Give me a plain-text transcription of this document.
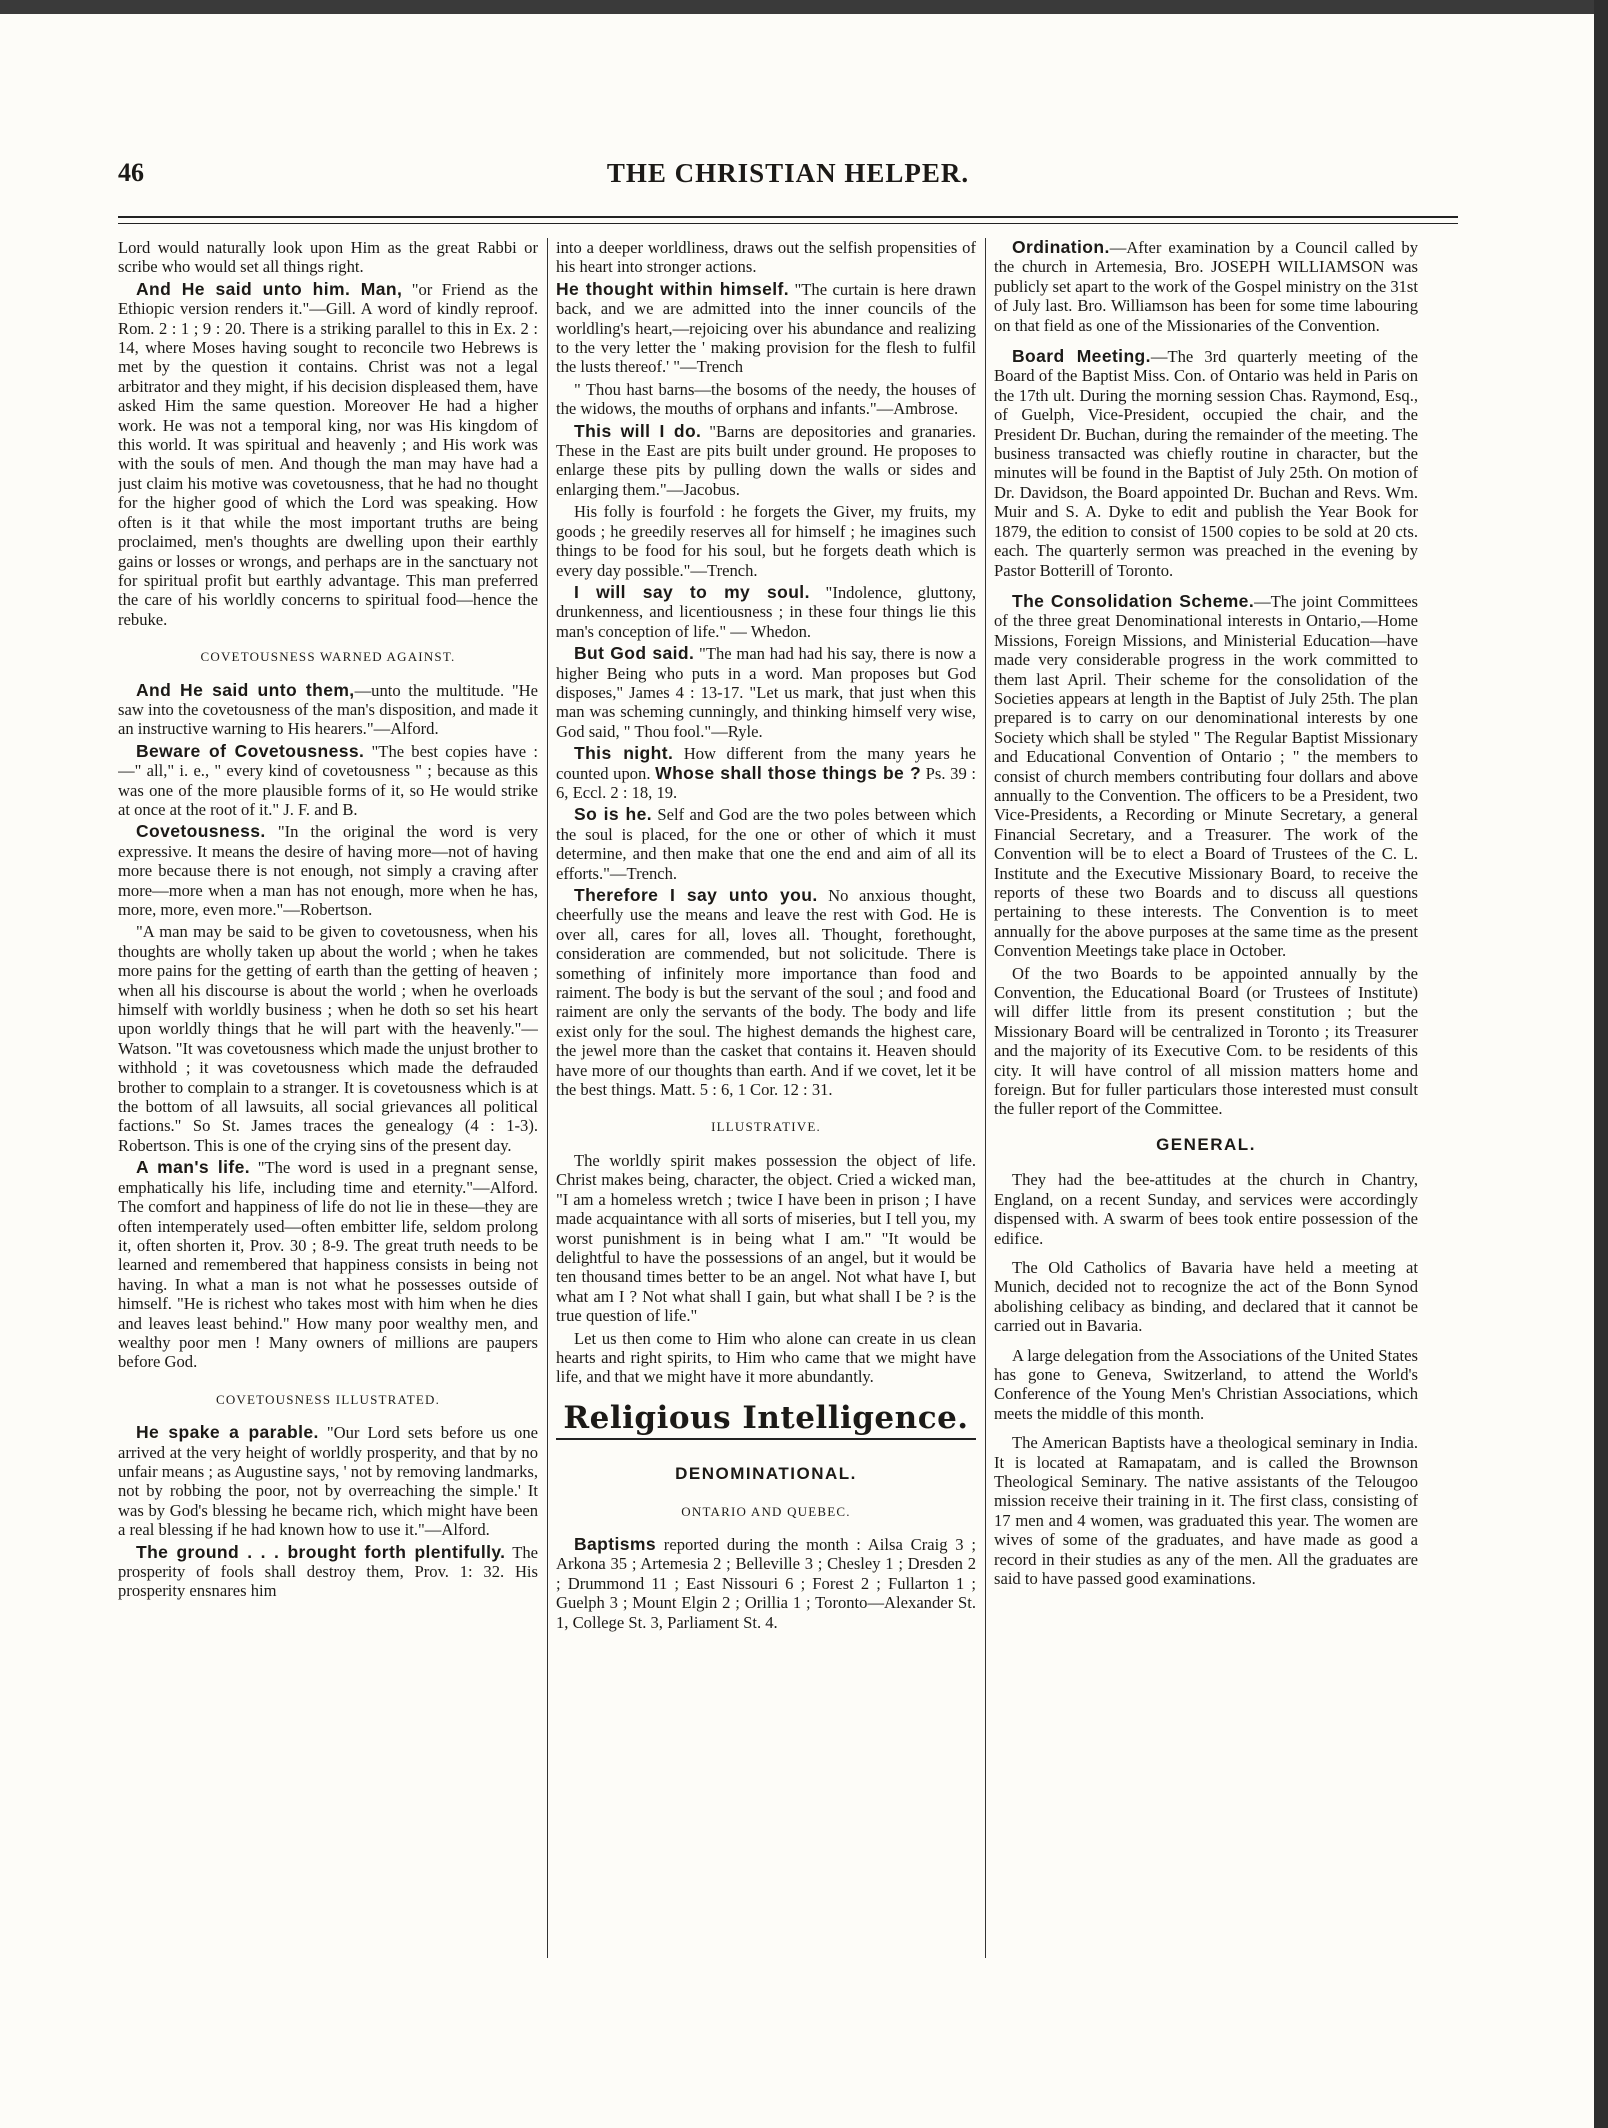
46	THE CHRISTIAN HELPER.

Lord would naturally look upon Him as the great Rabbi or scribe who would set all things right.

And He said unto him. Man, "or Friend as the Ethiopic version renders it."—Gill. A word of kindly reproof. Rom. 2 : 1 ; 9 : 20. There is a striking parallel to this in Ex. 2 : 14, where Moses having sought to reconcile two Hebrews is met by the question it contains. Christ was not a legal arbitrator and they might, if his decision displeased them, have asked Him the same question. Moreover He had a higher work. He was not a temporal king, nor was His kingdom of this world. It was spiritual and heavenly ; and His work was with the souls of men. And though the man may have had a just claim his motive was covetousness, that he had no thought for the higher good of which the Lord was speaking. How often is it that while the most important truths are being proclaimed, men's thoughts are dwelling upon their earthly gains or losses or wrongs, and perhaps are in the sanctuary not for spiritual profit but earthly advantage. This man preferred the care of his worldly concerns to spiritual food—hence the rebuke.

COVETOUSNESS WARNED AGAINST.

And He said unto them,—unto the multitude. "He saw into the covetousness of the man's disposition, and made it an instructive warning to His hearers."—Alford.

Beware of Covetousness. "The best copies have :—" all," i. e., " every kind of covetousness " ; because as this was one of the more plausible forms of it, so He would strike at once at the root of it." J. F. and B.

Covetousness. "In the original the word is very expressive. It means the desire of having more—not of having more because there is not enough, not simply a craving after more—more when a man has not enough, more when he has, more, more, even more."—Robertson.

"A man may be said to be given to covetousness, when his thoughts are wholly taken up about the world ; when he takes more pains for the getting of earth than the getting of heaven ; when all his discourse is about the world ; when he overloads himself with worldly business ; when he doth so set his heart upon worldly things that he will part with the heavenly."—Watson. "It was covetousness which made the unjust brother to withhold ; it was covetousness which made the defrauded brother to complain to a stranger. It is covetousness which is at the bottom of all lawsuits, all social grievances all political factions." So St. James traces the genealogy (4 : 1-3). Robertson. This is one of the crying sins of the present day.

A man's life. "The word is used in a pregnant sense, emphatically his life, including time and eternity."—Alford. The comfort and happiness of life do not lie in these—they are often intemperately used—often embitter life, seldom prolong it, often shorten it, Prov. 30 ; 8-9. The great truth needs to be learned and remembered that happiness consists in being not having. In what a man is not what he possesses outside of himself. "He is richest who takes most with him when he dies and leaves least behind." How many poor wealthy men, and wealthy poor men ! Many owners of millions are paupers before God.

COVETOUSNESS ILLUSTRATED.

He spake a parable. "Our Lord sets before us one arrived at the very height of worldly prosperity, and that by no unfair means ; as Augustine says, ' not by removing landmarks, not by robbing the poor, not by overreaching the simple.' It was by God's blessing he became rich, which might have been a real blessing if he had known how to use it."—Alford.

The ground . . . brought forth plentifully. The prosperity of fools shall destroy them, Prov. 1: 32. His prosperity ensnares him

into a deeper worldliness, draws out the selfish propensities of his heart into stronger actions.

He thought within himself. "The curtain is here drawn back, and we are admitted into the inner councils of the worldling's heart,—rejoicing over his abundance and realizing to the very letter the ' making provision for the flesh to fulfil the lusts thereof.' "—Trench

" Thou hast barns—the bosoms of the needy, the houses of the widows, the mouths of orphans and infants."—Ambrose.

This will I do. "Barns are depositories and granaries. These in the East are pits built under ground. He proposes to enlarge these pits by pulling down the walls or sides and enlarging them."—Jacobus.

His folly is fourfold : he forgets the Giver, my fruits, my goods ; he greedily reserves all for himself ; he imagines such things to be food for his soul, but he forgets death which is every day possible."—Trench.

I will say to my soul. "Indolence, gluttony, drunkenness, and licentiousness ; in these four things lie this man's conception of life." — Whedon.

But God said. "The man had had his say, there is now a higher Being who puts in a word. Man proposes but God disposes," James 4 : 13-17. "Let us mark, that just when this man was scheming cunningly, and thinking himself very wise, God said, " Thou fool."—Ryle.

This night. How different from the many years he counted upon. Whose shall those things be ? Ps. 39 : 6, Eccl. 2 : 18, 19.

So is he. Self and God are the two poles between which the soul is placed, for the one or other of which it must determine, and then make that one the end and aim of all its efforts."—Trench.

Therefore I say unto you. No anxious thought, cheerfully use the means and leave the rest with God. He is over all, cares for all, loves all. Thought, forethought, consideration are commended, but not solicitude. There is something of infinitely more importance than food and raiment. The body is but the servant of the soul ; and food and raiment are only the servants of the body. The body and life exist only for the soul. The highest demands the highest care, the jewel more than the casket that contains it. Heaven should have more of our thoughts than earth. And if we covet, let it be the best things. Matt. 5 : 6, 1 Cor. 12 : 31.

ILLUSTRATIVE.

The worldly spirit makes possession the object of life. Christ makes being, character, the object. Cried a wicked man, "I am a homeless wretch ; twice I have been in prison ; I have made acquaintance with all sorts of miseries, but I tell you, my worst punishment is in being what I am." "It would be delightful to have the possessions of an angel, but it would be ten thousand times better to be an angel. Not what have I, but what am I ? Not what shall I gain, but what shall I be ? is the true question of life."

Let us then come to Him who alone can create in us clean hearts and right spirits, to Him who came that we might have life, and that we might have it more abundantly.

Religious Intelligence.
DENOMINATIONAL.
ONTARIO AND QUEBEC.

Baptisms reported during the month : Ailsa Craig 3 ; Arkona 35 ; Artemesia 2 ; Belleville 3 ; Chesley 1 ; Dresden 2 ; Drummond 11 ; East Nissouri 6 ; Forest 2 ; Fullarton 1 ; Guelph 3 ; Mount Elgin 2 ; Orillia 1 ; Toronto—Alexander St. 1, College St. 3, Parliament St. 4.

Ordination.—After examination by a Council called by the church in Artemesia, Bro. JOSEPH WILLIAMSON was publicly set apart to the work of the Gospel ministry on the 31st of July last. Bro. Williamson has been for some time labouring on that field as one of the Missionaries of the Convention.

Board Meeting.—The 3rd quarterly meeting of the Board of the Baptist Miss. Con. of Ontario was held in Paris on the 17th ult. During the morning session Chas. Raymond, Esq., of Guelph, Vice-President, occupied the chair, and the President Dr. Buchan, during the remainder of the meeting. The business transacted was chiefly routine in character, but the minutes will be found in the Baptist of July 25th. On motion of Dr. Davidson, the Board appointed Dr. Buchan and Revs. Wm. Muir and S. A. Dyke to edit and publish the Year Book for 1879, the edition to consist of 1500 copies to be sold at 20 cts. each. The quarterly sermon was preached in the evening by Pastor Botterill of Toronto.

The Consolidation Scheme.—The joint Committees of the three great Denominational interests in Ontario,—Home Missions, Foreign Missions, and Ministerial Education—have made very considerable progress in the work committed to them last April. Their scheme for the consolidation of the Societies appears at length in the Baptist of July 25th. The plan prepared is to carry on our denominational interests by one Society which shall be styled " The Regular Baptist Missionary and Educational Convention of Ontario ; " the members to consist of church members contributing four dollars and above annually to the Convention. The officers to be a President, two Vice-Presidents, a Recording or Minute Secretary, a general Financial Secretary, and a Treasurer. The work of the Convention will be to elect a Board of Trustees of the C. L. Institute and the Executive Missionary Board, to receive the reports of these two Boards and to discuss all questions pertaining to these interests. The Convention is to meet annually for the above purposes at the same time as the present Convention Meetings take place in October.

Of the two Boards to be appointed annually by the Convention, the Educational Board (or Trustees of Institute) will differ little from its present constitution ; but the Missionary Board will be centralized in Toronto ; its Treasurer and the majority of its Executive Com. to be residents of this city. It will have control of all mission matters home and foreign. But for fuller particulars those interested must consult the fuller report of the Committee.

GENERAL.

They had the bee-attitudes at the church in Chantry, England, on a recent Sunday, and services were accordingly dispensed with. A swarm of bees took entire possession of the edifice.

The Old Catholics of Bavaria have held a meeting at Munich, decided not to recognize the act of the Bonn Synod abolishing celibacy as binding, and declared that it cannot be carried out in Bavaria.

A large delegation from the Associations of the United States has gone to Geneva, Switzerland, to attend the World's Conference of the Young Men's Christian Associations, which meets the middle of this month.

The American Baptists have a theological seminary in India. It is located at Ramapatam, and is called the Brownson Theological Seminary. The native assistants of the Telougoo mission receive their training in it. The first class, consisting of 17 men and 4 women, was graduated this year. The women are wives of some of the graduates, and have made as good a record in their studies as any of the men. All the graduates are said to have passed good examinations.
